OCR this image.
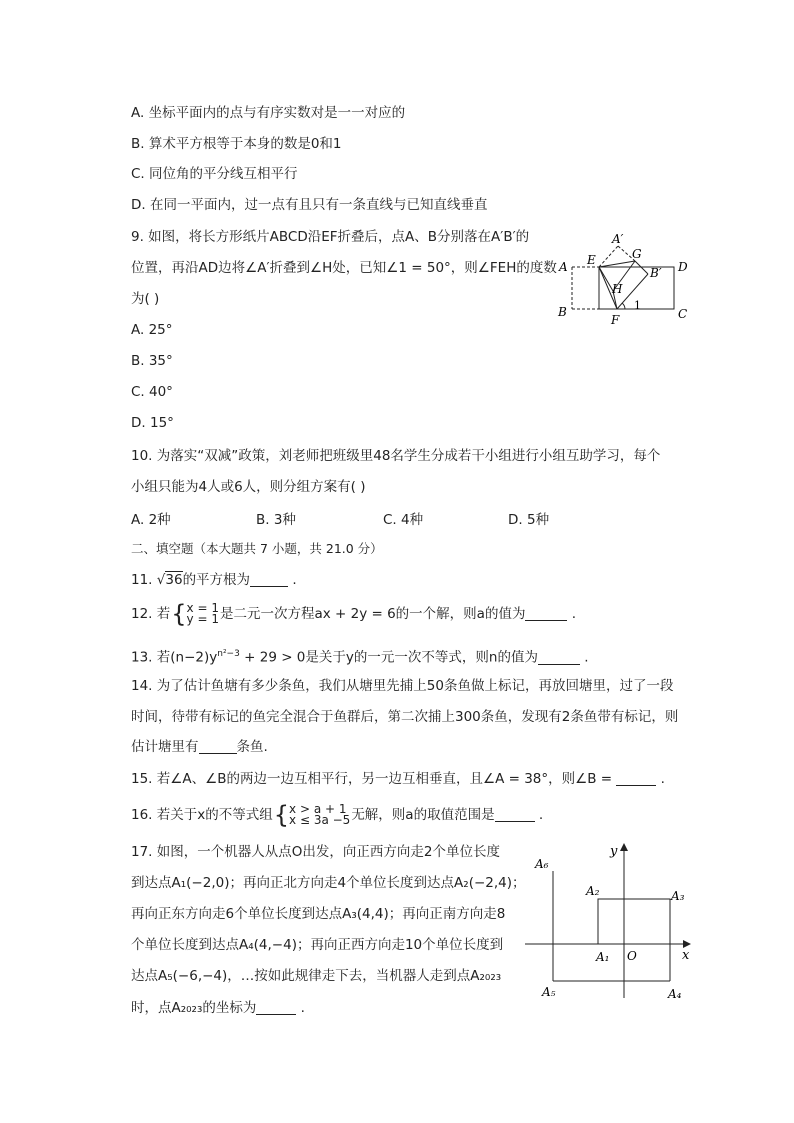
A. 坐标平面内的点与有序实数对是一一对应的
B. 算术平方根等于本身的数是0和1
C. 同位角的平分线互相平行
D. 在同一平面内，过一点有且只有一条直线与已知直线垂直
9. 如图，将长方形纸片ABCD沿EF折叠后，点A、B分别落在A′B′的
位置，再沿AD边将∠A′折叠到∠H处，已知∠1 = 50°，则∠FEH的度数
为( )
A. 25°
B. 35°
C. 40°
D. 15°
A
A′
E	G
B′ D
H
1
B
F	C
10. 为落实“双减”政策，刘老师把班级里48名学生分成若干小组进行小组互助学习，每个
小组只能为4人或6人，则分组方案有( )
A. 2种	B. 3种	C. 4种	D. 5种
二、填空题（本大题共 7 小题，共 21.0 分）
11. √36的平方根为	.
12. 若{x = 1
y = 1是二元一次方程ax + 2y = 6的一个解，则a的值为	.
13. 若$(n-2)y^{n^2-3} + 29 > 0$是关于y的一元一次不等式，则n的值为	.
14. 为了估计鱼塘有多少条鱼，我们从塘里先捕上50条鱼做上标记，再放回塘里，过了一段
时间，待带有标记的鱼完全混合于鱼群后，第二次捕上300条鱼，发现有2条鱼带有标记，则
估计塘里有	条鱼.
15. 若∠A、∠B的两边一边互相平行，另一边互相垂直，且∠A = 38°，则∠B =	.
16. 若关于x的不等式组{x > a + 1
x ≤ 3a −5无解，则a的取值范围是	.
17. 如图，一个机器人从点O出发，向正西方向走2个单位长度
到达点A₁(−2,0)；再向正北方向走4个单位长度到达点A₂(−2,4)；
再向正东方向走6个单位长度到达点A₃(4,4)；再向正南方向走8
个单位长度到达点A₄(4,−4)；再向正西方向走10个单位长度到
达点A₅(−6,−4)，…按如此规律走下去，当机器人走到点A₂₀₂₃
时，点A₂₀₂₃的坐标为	.
y
x
O
A₁
A₂	A₃
A₄
A₅
A₆
